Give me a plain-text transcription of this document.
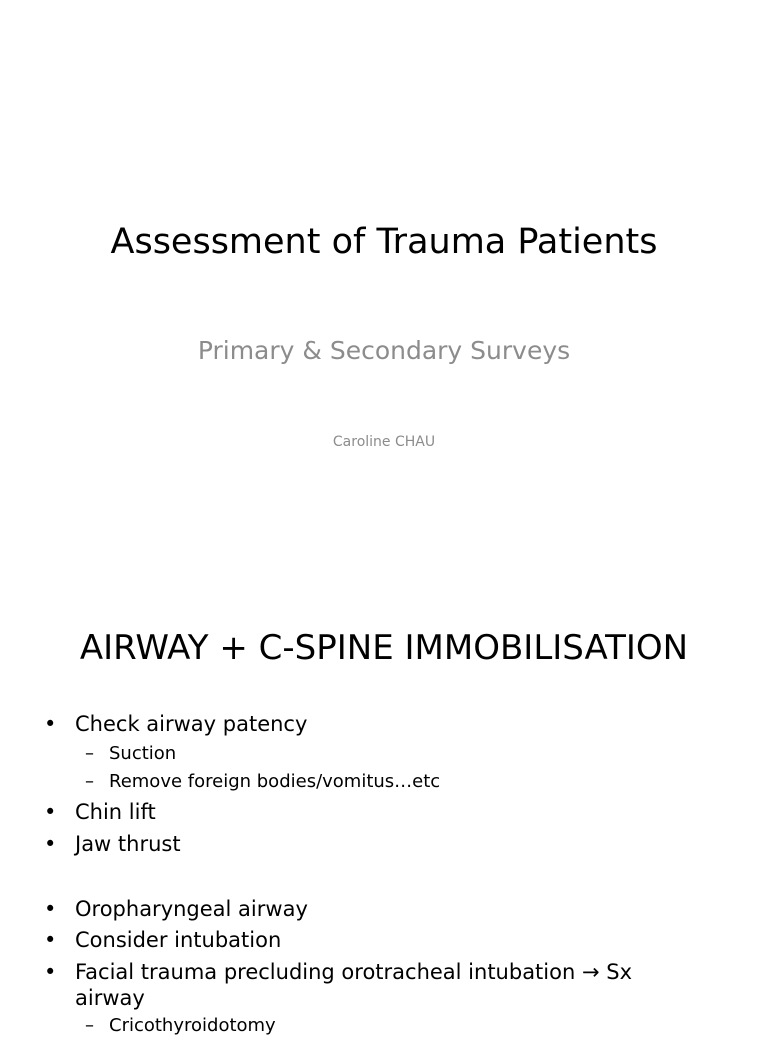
Assessment of Trauma Patients
Primary & Secondary Surveys
Caroline CHAU
AIRWAY + C-SPINE IMMOBILISATION
• Check airway patency
– Suction
– Remove foreign bodies/vomitus…etc
• Chin lift
• Jaw thrust
• Oropharyngeal airway
• Consider intubation
• Facial trauma precluding orotracheal intubation → Sx
airway
– Cricothyroidotomy
